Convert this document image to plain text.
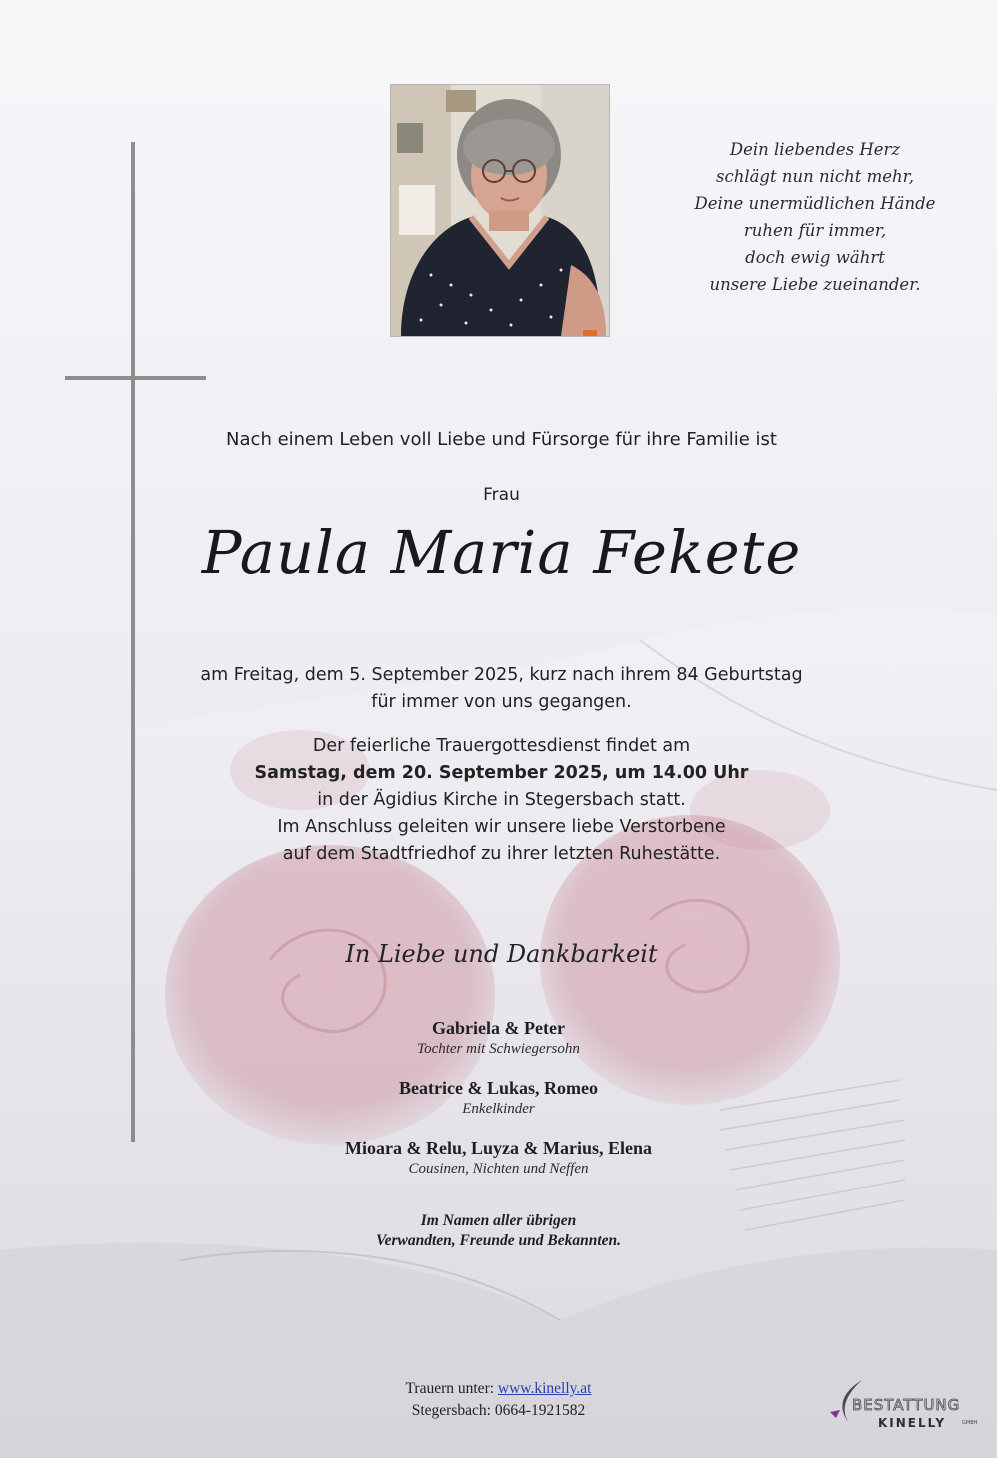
Dein liebendes Herz
schlägt nun nicht mehr,
Deine unermüdlichen Hände
ruhen für immer,
doch ewig währt
unsere Liebe zueinander.
Nach einem Leben voll Liebe und Fürsorge für ihre Familie ist
Frau
Paula Maria Fekete
am Freitag, dem 5. September 2025, kurz nach ihrem 84 Geburtstag
für immer von uns gegangen.
Der feierliche Trauergottesdienst findet am
Samstag, dem 20. September 2025, um 14.00 Uhr
in der Ägidius Kirche in Stegersbach statt.
Im Anschluss geleiten wir unsere liebe Verstorbene
auf dem Stadtfriedhof zu ihrer letzten Ruhestätte.
In Liebe und Dankbarkeit
Gabriela & Peter
Tochter mit Schwiegersohn
Beatrice & Lukas, Romeo
Enkelkinder
Mioara & Relu, Luyza & Marius, Elena
Cousinen, Nichten und Neffen
Im Namen aller übrigen
Verwandten, Freunde und Bekannten.
Trauern unter: www.kinelly.at
Stegersbach: 0664-1921582	BESTATTUNG
KINELLY	GMBH
